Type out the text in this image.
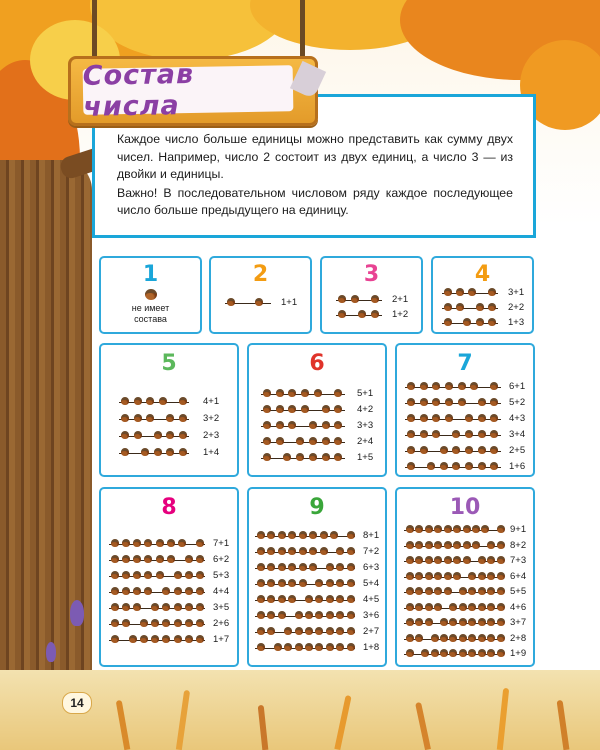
Каждое число больше единицы можно представить как сумму двух чисел. Например, число 2 состоит из двух единиц, а число 3 — из двойки и единицы.

Важно! В последовательном числовом ряду каждое последующее число больше предыдущего на единицу.

Состав числа
1
не имеет состава
2
1+1
3
2+1
1+2
4
3+1
2+2
1+3
5
4+1
3+2
2+3
1+4
6
5+1
4+2
3+3
2+4
1+5
7
6+1
5+2
4+3
3+4
2+5
1+6
8
7+1
6+2
5+3
4+4
3+5
2+6
1+7
9
8+1
7+2
6+3
5+4
4+5
3+6
2+7
1+8
10
9+1
8+2
7+3
6+4
5+5
4+6
3+7
2+8
1+9
14
